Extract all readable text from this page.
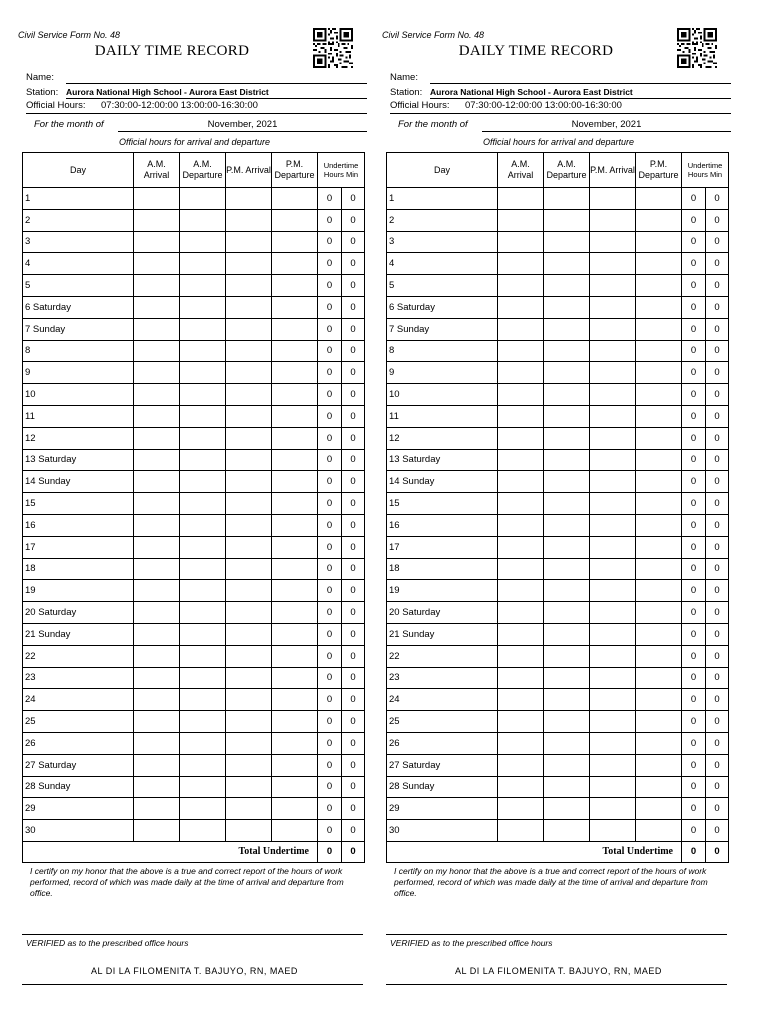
Civil Service Form No. 48
DAILY TIME RECORD
Name:
Station: Aurora National High School - Aurora East District
Official Hours: 07:30:00-12:00:00 13:00:00-16:30:00
For the month of	November, 2021
Official hours for arrival and departure
Day	A.M. Arrival	A.M. Departure	P.M. Arrival	P.M. Departure	Undertime Hours Min	
1					0	0
2					0	0
3					0	0
4					0	0
5					0	0
6 Saturday					0	0
7 Sunday					0	0
8					0	0
9					0	0
10					0	0
11					0	0
12					0	0
13 Saturday					0	0
14 Sunday					0	0
15					0	0
16					0	0
17					0	0
18					0	0
19					0	0
20 Saturday					0	0
21 Sunday					0	0
22					0	0
23					0	0
24					0	0
25					0	0
26					0	0
27 Saturday					0	0
28 Sunday					0	0
29					0	0
30					0	0
	Total Undertime				0	0
I certify on my honor that the above is a true and correct report of the hours of work performed, record of which was made daily at the time of arrival and departure from office.
VERIFIED as to the prescribed office hours
AL DI LA FILOMENITA T. BAJUYO, RN, MAED
Civil Service Form No. 48
DAILY TIME RECORD
Name:
Station: Aurora National High School - Aurora East District
Official Hours: 07:30:00-12:00:00 13:00:00-16:30:00
For the month of	November, 2021
Official hours for arrival and departure
Day	A.M. Arrival	A.M. Departure	P.M. Arrival	P.M. Departure	Undertime Hours Min	
1					0	0
2					0	0
3					0	0
4					0	0
5					0	0
6 Saturday					0	0
7 Sunday					0	0
8					0	0
9					0	0
10					0	0
11					0	0
12					0	0
13 Saturday					0	0
14 Sunday					0	0
15					0	0
16					0	0
17					0	0
18					0	0
19					0	0
20 Saturday					0	0
21 Sunday					0	0
22					0	0
23					0	0
24					0	0
25					0	0
26					0	0
27 Saturday					0	0
28 Sunday					0	0
29					0	0
30					0	0
	Total Undertime				0	0
I certify on my honor that the above is a true and correct report of the hours of work performed, record of which was made daily at the time of arrival and departure from office.
VERIFIED as to the prescribed office hours
AL DI LA FILOMENITA T. BAJUYO, RN, MAED
